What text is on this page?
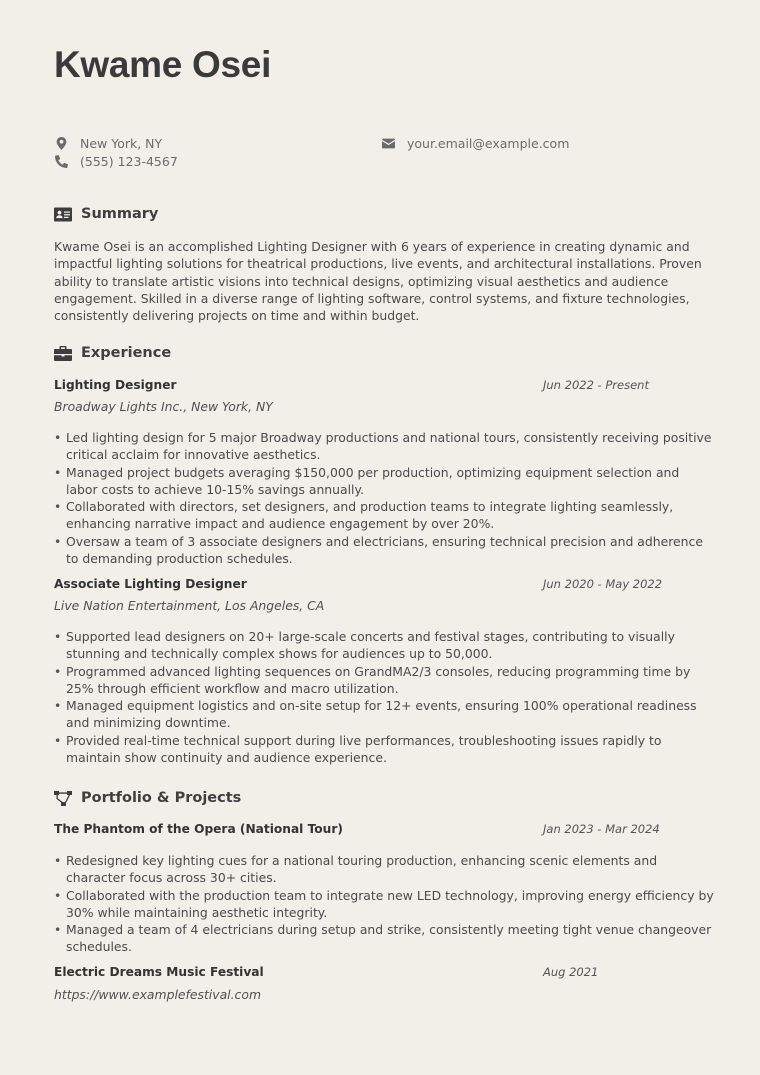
Kwame Osei
New York, NY
(555) 123-4567
your.email@example.com
Summary

Kwame Osei is an accomplished Lighting Designer with 6 years of experience in creating dynamic and impactful lighting solutions for theatrical productions, live events, and architectural installations. Proven ability to translate artistic visions into technical designs, optimizing visual aesthetics and audience engagement. Skilled in a diverse range of lighting software, control systems, and fixture technologies, consistently delivering projects on time and within budget.

Experience
Lighting Designer	Jun 2022 - Present
Broadway Lights Inc., New York, NY
• Led lighting design for 5 major Broadway productions and national tours, consistently receiving positive critical acclaim for innovative aesthetics.
• Managed project budgets averaging $150,000 per production, optimizing equipment selection and labor costs to achieve 10-15% savings annually.
• Collaborated with directors, set designers, and production teams to integrate lighting seamlessly, enhancing narrative impact and audience engagement by over 20%.
• Oversaw a team of 3 associate designers and electricians, ensuring technical precision and adherence to demanding production schedules.
Associate Lighting Designer	Jun 2020 - May 2022
Live Nation Entertainment, Los Angeles, CA
• Supported lead designers on 20+ large-scale concerts and festival stages, contributing to visually stunning and technically complex shows for audiences up to 50,000.
• Programmed advanced lighting sequences on GrandMA2/3 consoles, reducing programming time by 25% through efficient workflow and macro utilization.
• Managed equipment logistics and on-site setup for 12+ events, ensuring 100% operational readiness and minimizing downtime.
• Provided real-time technical support during live performances, troubleshooting issues rapidly to maintain show continuity and audience experience.
Portfolio & Projects
The Phantom of the Opera (National Tour)	Jan 2023 - Mar 2024
• Redesigned key lighting cues for a national touring production, enhancing scenic elements and character focus across 30+ cities.
• Collaborated with the production team to integrate new LED technology, improving energy efficiency by 30% while maintaining aesthetic integrity.
• Managed a team of 4 electricians during setup and strike, consistently meeting tight venue changeover schedules.
Electric Dreams Music Festival	Aug 2021
https://www.examplefestival.com
